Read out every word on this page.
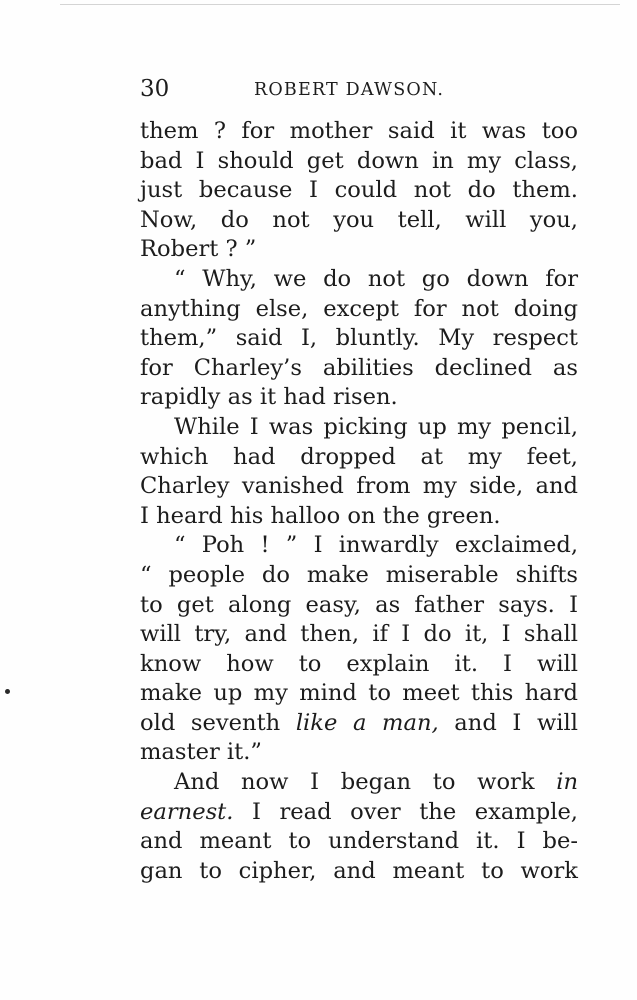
30	ROBERT DAWSON.
them ? for mother said it was too
bad I should get down in my class,
just because I could not do them.
Now, do not you tell, will you,
Robert ? ”
“ Why, we do not go down for
anything else, except for not doing
them,” said I, bluntly. My respect
for Charley’s abilities declined as
rapidly as it had risen.
While I was picking up my pencil,
which had dropped at my feet,
Charley vanished from my side, and
I heard his halloo on the green.
“ Poh ! ” I inwardly exclaimed,
“ people do make miserable shifts
to get along easy, as father says. I
will try, and then, if I do it, I shall
know how to explain it. I will
make up my mind to meet this hard
old seventh like a man, and I will
master it.”
And now I began to work in
earnest. I read over the example,
and meant to understand it. I be-
gan to cipher, and meant to work
